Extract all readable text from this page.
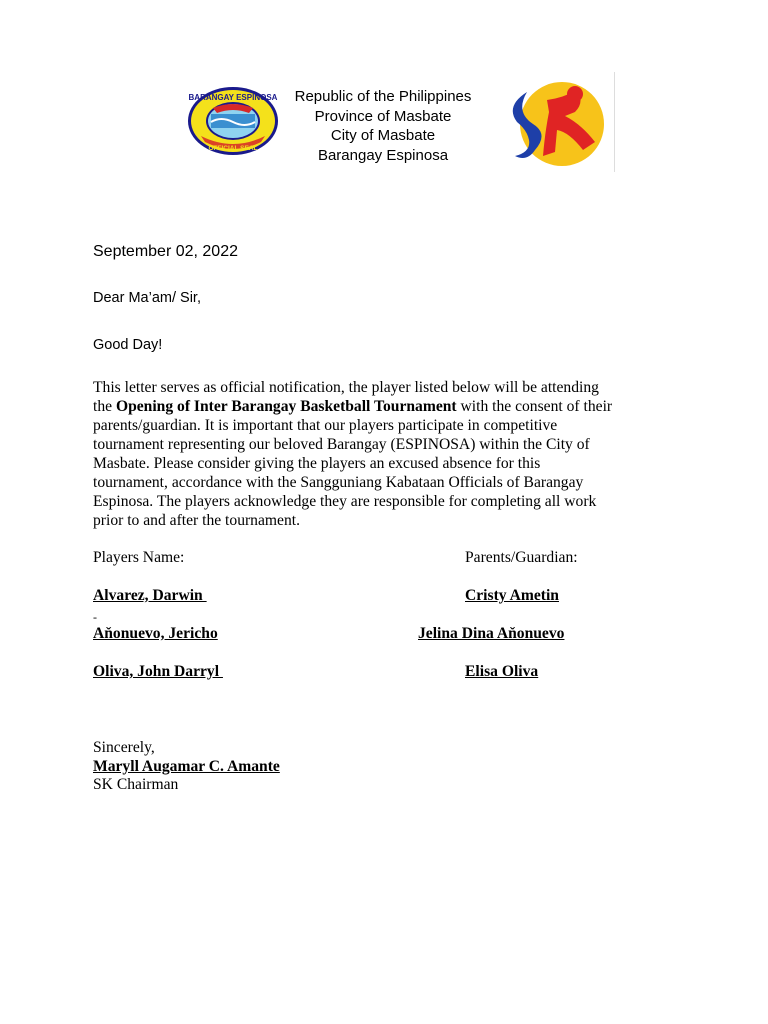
BARANGAY ESPINOSA
OFFICIAL SEAL
Republic of the Philippines
Province of Masbate
City of Masbate
Barangay Espinosa
September 02, 2022
Dear Ma’am/ Sir,
Good Day!
This letter serves as official notification, the player listed below will be attending
the Opening of Inter Barangay Basketball Tournament with the consent of their
parents/guardian. It is important that our players participate in competitive
tournament representing our beloved Barangay (ESPINOSA) within the City of
Masbate. Please consider giving the players an excused absence for this
tournament, accordance with the Sangguniang Kabataan Officials of Barangay
Espinosa. The players acknowledge they are responsible for completing all work
prior to and after the tournament.
Players Name:	Parents/Guardian:
Alvarez, Darwin	Cristy Ametin
-
Aňonuevo, Jericho	Jelina Dina Aňonuevo
Oliva, John Darryl	Elisa Oliva
Sincerely,
Maryll Augamar C. Amante
SK Chairman
